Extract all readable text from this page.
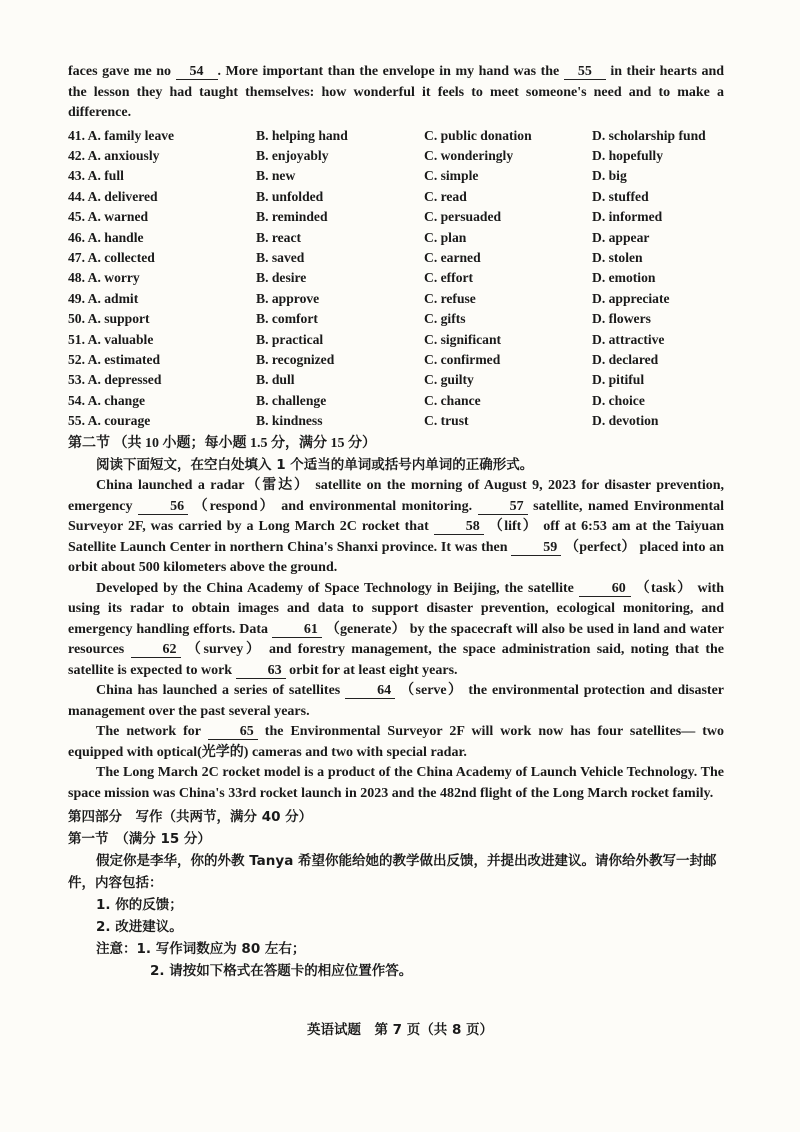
faces gave me no 54 . More important than the envelope in my hand was the 55 in their hearts and the lesson they had taught themselves: how wonderful it feels to meet someone's need and to make a difference.

41. A. family leave	B. helping hand	C. public donation	D. scholarship fund
42. A. anxiously	B. enjoyably	C. wonderingly	D. hopefully
43. A. full	B. new	C. simple	D. big
44. A. delivered	B. unfolded	C. read	D. stuffed
45. A. warned	B. reminded	C. persuaded	D. informed
46. A. handle	B. react	C. plan	D. appear
47. A. collected	B. saved	C. earned	D. stolen
48. A. worry	B. desire	C. effort	D. emotion
49. A. admit	B. approve	C. refuse	D. appreciate
50. A. support	B. comfort	C. gifts	D. flowers
51. A. valuable	B. practical	C. significant	D. attractive
52. A. estimated	B. recognized	C. confirmed	D. declared
53. A. depressed	B. dull	C. guilty	D. pitiful
54. A. change	B. challenge	C. chance	D. choice
55. A. courage	B. kindness	C. trust	D. devotion

第二节 （共 10 小题；每小题 1.5 分，满分 15 分）

阅读下面短文，在空白处填入 1 个适当的单词或括号内单词的正确形式。

China launched a radar（雷达） satellite on the morning of August 9, 2023 for disaster prevention, emergency	56 （respond） and environmental monitoring.	57 satellite, named Environmental Surveyor 2F, was carried by a Long March 2C rocket that	58 （lift） off at 6:53 am at the Taiyuan Satellite Launch Center in northern China's Shanxi province. It was then	59 （perfect） placed into an orbit about 500 kilometers above the ground.

Developed by the China Academy of Space Technology in Beijing, the satellite	60 （task） with using its radar to obtain images and data to support disaster prevention, ecological monitoring, and emergency handling efforts. Data	61 （generate） by the spacecraft will also be used in land and water resources	62 （survey） and forestry management, the space administration said, noting that the satellite is expected to work	63 orbit for at least eight years.

China has launched a series of satellites	64 （serve） the environmental protection and disaster management over the past several years.

The network for	65 the Environmental Surveyor 2F will work now has four satellites— two equipped with optical(光学的) cameras and two with special radar.

The Long March 2C rocket model is a product of the China Academy of Launch Vehicle Technology. The space mission was China's 33rd rocket launch in 2023 and the 482nd flight of the Long March rocket family.

第四部分　写作（共两节，满分 40 分）

第一节　（满分 15 分）

假定你是李华，你的外教 Tanya 希望你能给她的教学做出反馈，并提出改进建议。请你给外教写一封邮件，内容包括：

1. 你的反馈；

2. 改进建议。

注意：1. 写作词数应为 80 左右；

2. 请按如下格式在答题卡的相应位置作答。

英语试题　第 7 页（共 8 页）
